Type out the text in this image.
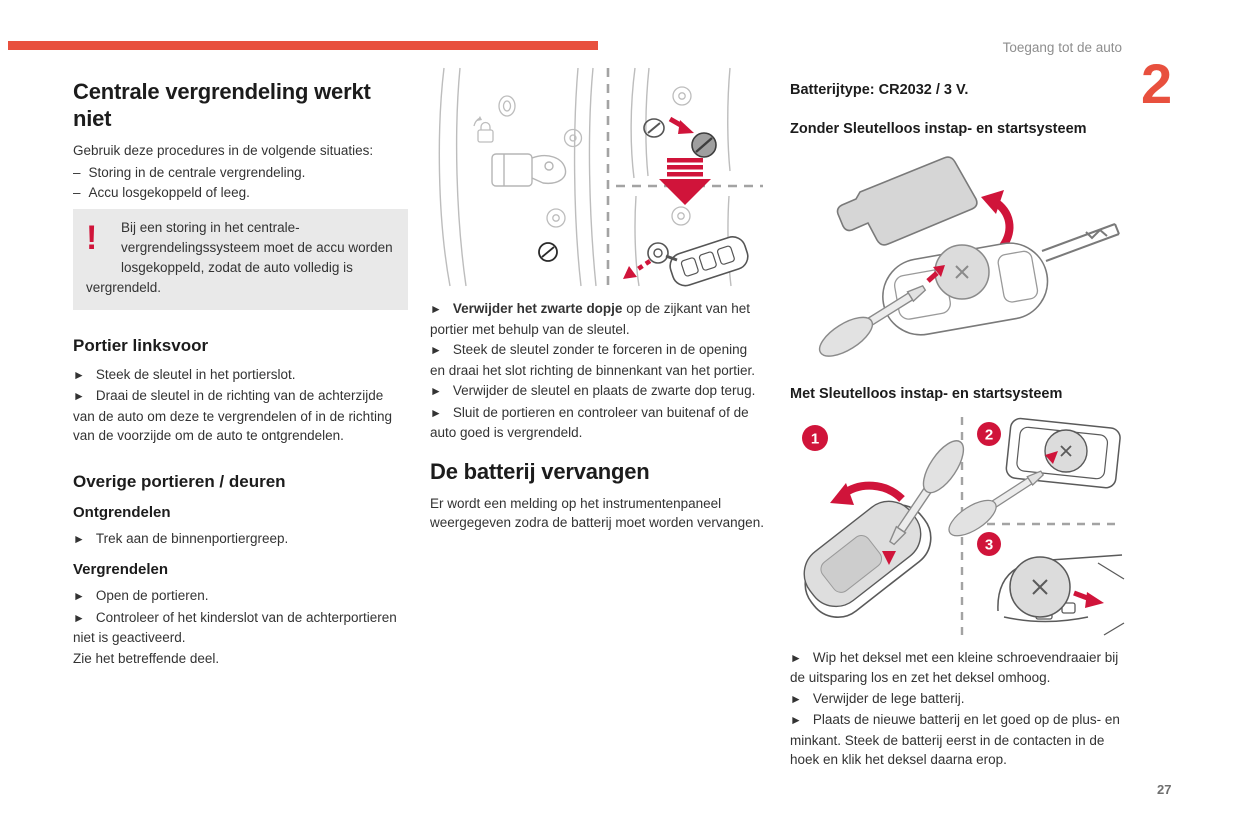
Toegang tot de auto
2
Centrale vergrendeling werkt niet

Gebruik deze procedures in de volgende situaties:

– Storing in de centrale vergrendeling.

– Accu losgekoppeld of leeg.

!	Bij een storing in het centrale-vergrendelingssysteem moet de accu worden losgekoppeld, zodat de auto volledig is vergrendeld.

Portier linksvoor

► Steek de sleutel in het portierslot.

► Draai de sleutel in de richting van de achterzijde van de auto om deze te vergrendelen of in de richting van de voorzijde om de auto te ontgrendelen.

Overige portieren / deuren
Ontgrendelen

► Trek aan de binnenportiergreep.

Vergrendelen

► Open de portieren.

► Controleer of het kinderslot van de achterportieren niet is geactiveerd.

Zie het betreffende deel.

► Verwijder het zwarte dopje op de zijkant van het portier met behulp van de sleutel.

► Steek de sleutel zonder te forceren in de opening en draai het slot richting de binnenkant van het portier.

► Verwijder de sleutel en plaats de zwarte dop terug.

► Sluit de portieren en controleer van buitenaf of de auto goed is vergrendeld.

De batterij vervangen

Er wordt een melding op het instrumentenpaneel weergegeven zodra de batterij moet worden vervangen.

Batterijtype: CR2032 / 3 V.

Zonder Sleutelloos instap- en startsysteem

Met Sleutelloos instap- en startsysteem

1	2
3

► Wip het deksel met een kleine schroevendraaier bij de uitsparing los en zet het deksel omhoog.

► Verwijder de lege batterij.

► Plaats de nieuwe batterij en let goed op de plus- en minkant. Steek de batterij eerst in de contacten in de hoek en klik het deksel daarna erop.

27
